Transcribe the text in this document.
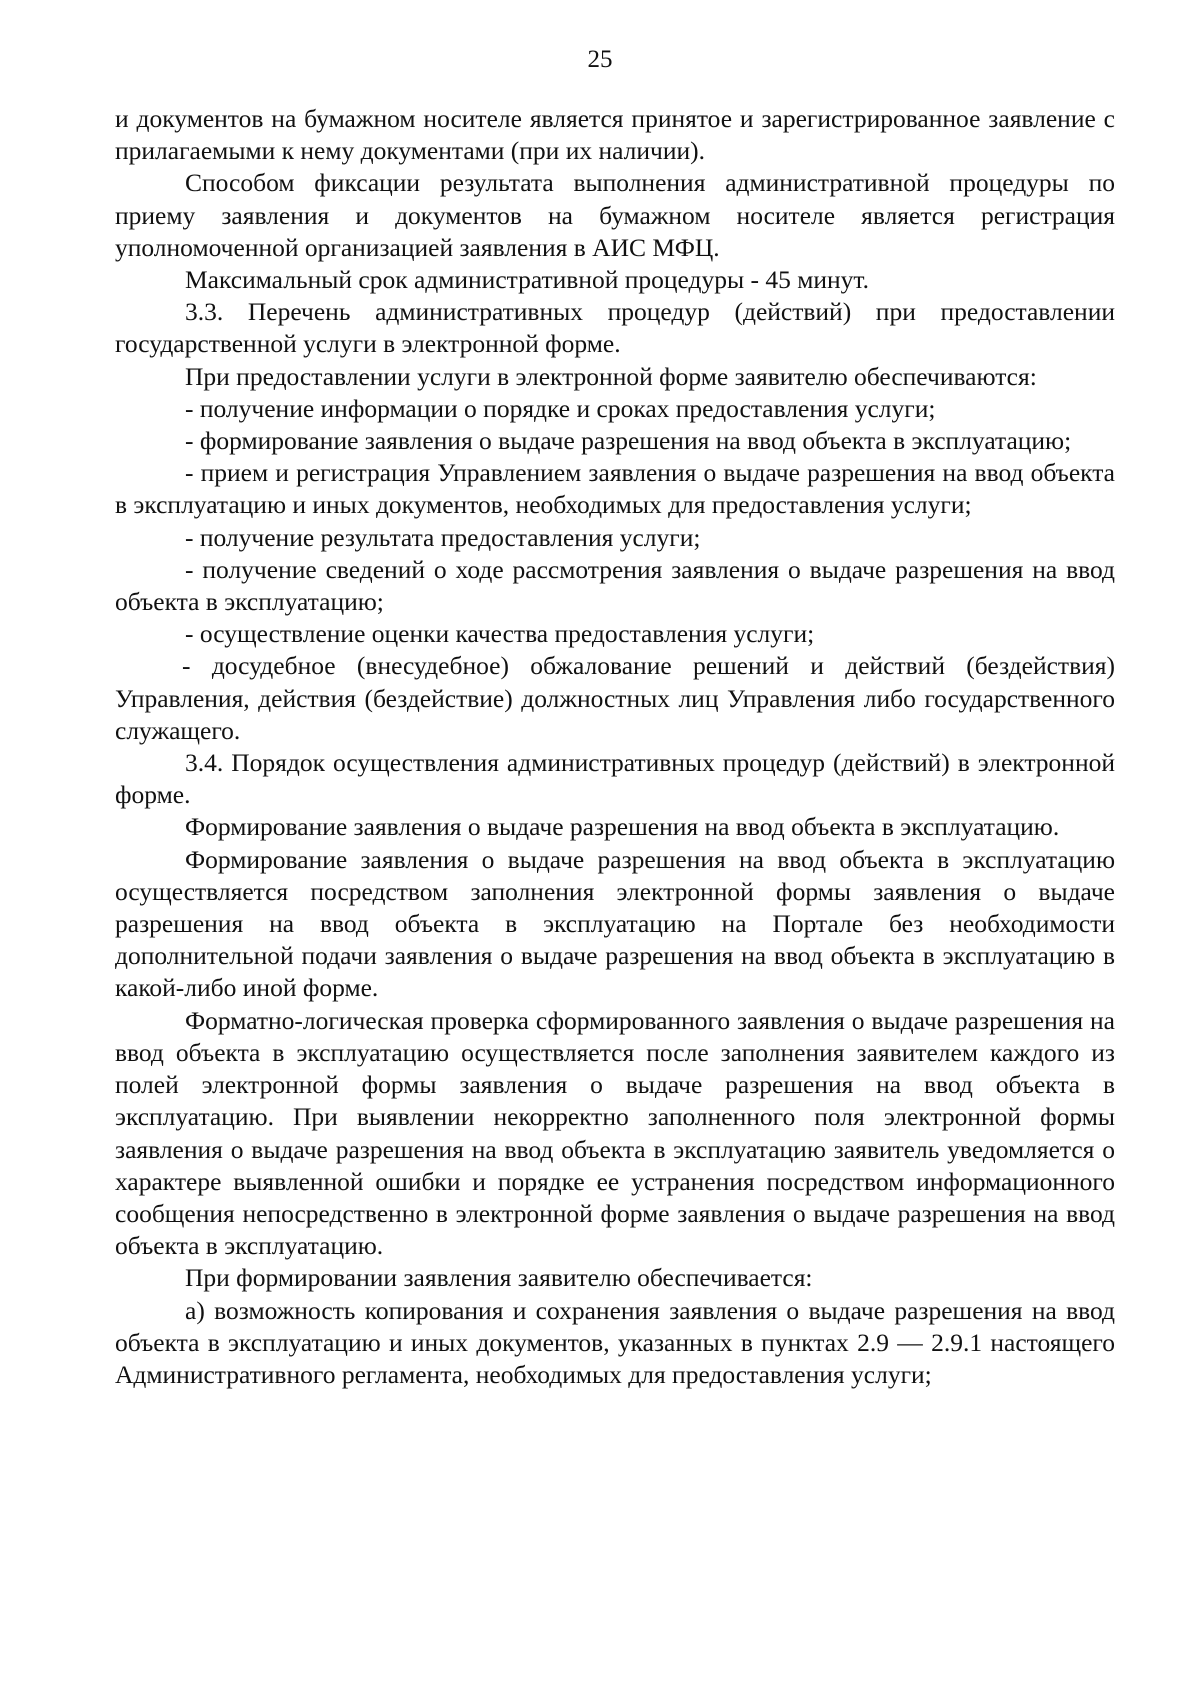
25

и документов на бумажном носителе является принятое и зарегистрированное заявление с прилагаемыми к нему документами (при их наличии).

Способом фиксации результата выполнения административной процедуры по приему заявления и документов на бумажном носителе является регистрация уполномоченной организацией заявления в АИС МФЦ.

Максимальный срок административной процедуры - 45 минут.

3.3. Перечень административных процедур (действий) при предоставлении государственной услуги в электронной форме.

При предоставлении услуги в электронной форме заявителю обеспечиваются:

- получение информации о порядке и сроках предоставления услуги;

- формирование заявления о выдаче разрешения на ввод объекта в эксплуатацию;

- прием и регистрация Управлением заявления о выдаче разрешения на ввод объекта в эксплуатацию и иных документов, необходимых для предоставления услуги;

- получение результата предоставления услуги;

- получение сведений о ходе рассмотрения заявления о выдаче разрешения на ввод объекта в эксплуатацию;

- осуществление оценки качества предоставления услуги;

- досудебное (внесудебное) обжалование решений и действий (бездействия) Управления, действия (бездействие) должностных лиц Управления либо государственного служащего.

3.4. Порядок осуществления административных процедур (действий) в электронной форме.

Формирование заявления о выдаче разрешения на ввод объекта в эксплуатацию.

Формирование заявления о выдаче разрешения на ввод объекта в эксплуатацию осуществляется посредством заполнения электронной формы заявления о выдаче разрешения на ввод объекта в эксплуатацию на Портале без необходимости дополнительной подачи заявления о выдаче разрешения на ввод объекта в эксплуатацию в какой-либо иной форме.

Форматно-логическая проверка сформированного заявления о выдаче разрешения на ввод объекта в эксплуатацию осуществляется после заполнения заявителем каждого из полей электронной формы заявления о выдаче разрешения на ввод объекта в эксплуатацию. При выявлении некорректно заполненного поля электронной формы заявления о выдаче разрешения на ввод объекта в эксплуатацию заявитель уведомляется о характере выявленной ошибки и порядке ее устранения посредством информационного сообщения непосредственно в электронной форме заявления о выдаче разрешения на ввод объекта в эксплуатацию.

При формировании заявления заявителю обеспечивается:

а) возможность копирования и сохранения заявления о выдаче разрешения на ввод объекта в эксплуатацию и иных документов, указанных в пунктах 2.9 — 2.9.1 настоящего Административного регламента, необходимых для предоставления услуги;
